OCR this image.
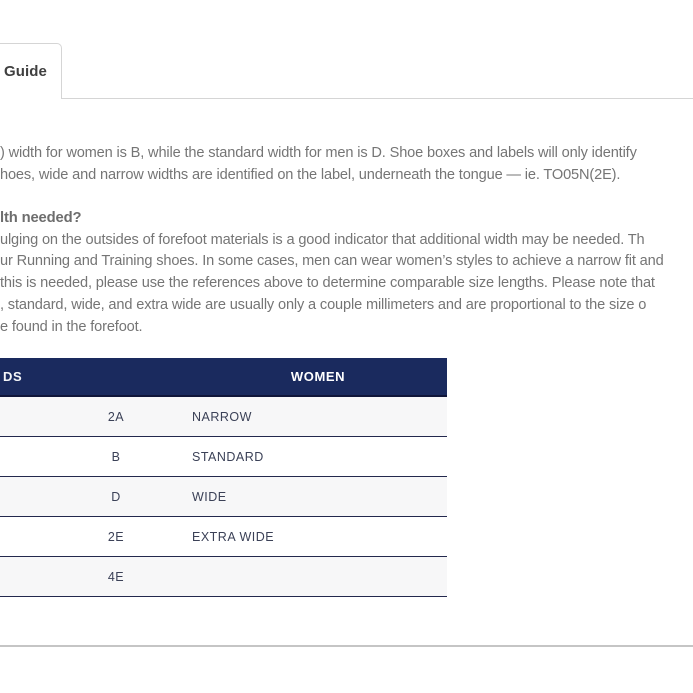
Guide
) width for women is B, while the standard width for men is D. Shoe boxes and labels will only identify
hoes, wide and narrow widths are identified on the label, underneath the tongue — ie. TO05N(2E).
lth needed?
ulging on the outsides of forefoot materials is a good indicator that additional width may be needed. Th
ur Running and Training shoes. In some cases, men can wear women’s styles to achieve a narrow fit and
this is needed, please use the references above to determine comparable size lengths. Please note that
, standard, wide, and extra wide are usually only a couple millimeters and are proportional to the size o
e found in the forefoot.
DS	WOMEN
2A	NARROW
B	STANDARD
D	WIDE
2E	EXTRA WIDE
4E
